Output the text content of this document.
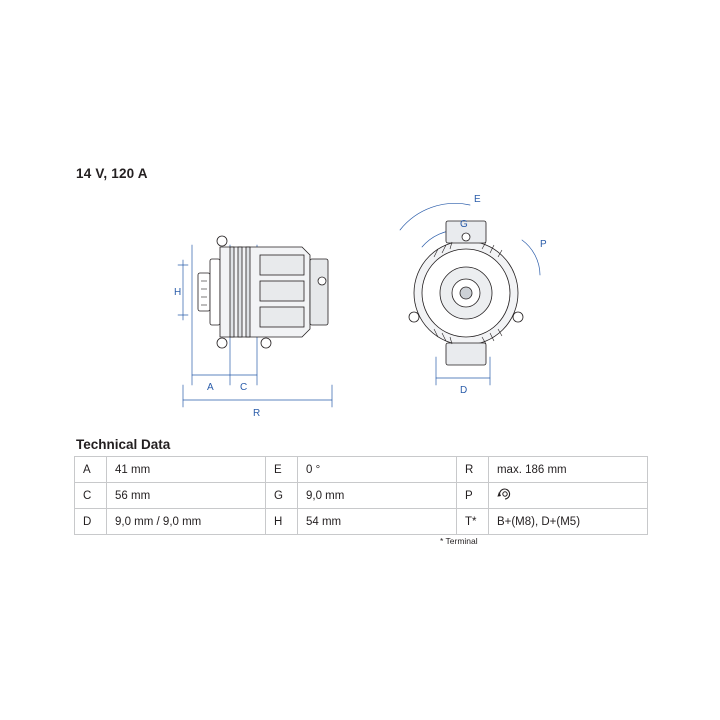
14 V, 120 A
H
A	C
R
E
G
P
D
Technical Data
A	41 mm	E	0 °	R	max. 186 mm
C	56 mm	G	9,0 mm	P	
D	9,0 mm / 9,0 mm	H	54 mm	T*	B+(M8), D+(M5)
* Terminal
